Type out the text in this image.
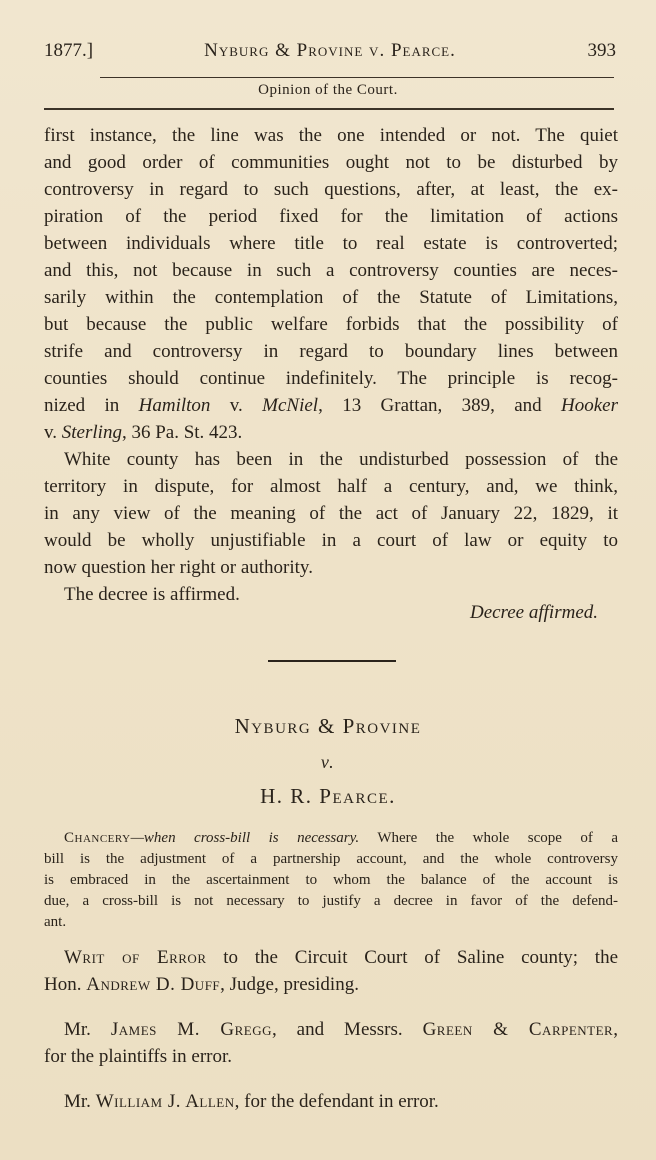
1877.]	Nyburg & Provine v. Pearce.	393
Opinion of the Court.
first instance, the line was the one intended or not. The quiet
and good order of communities ought not to be disturbed by
controversy in regard to such questions, after, at least, the ex-
piration of the period fixed for the limitation of actions
between individuals where title to real estate is controverted;
and this, not because in such a controversy counties are neces-
sarily within the contemplation of the Statute of Limitations,
but because the public welfare forbids that the possibility of
strife and controversy in regard to boundary lines between
counties should continue indefinitely. The principle is recog-
nized in Hamilton v. McNiel, 13 Grattan, 389, and Hooker
v. Sterling, 36 Pa. St. 423.
White county has been in the undisturbed possession of the
territory in dispute, for almost half a century, and, we think,
in any view of the meaning of the act of January 22, 1829, it
would be wholly unjustifiable in a court of law or equity to
now question her right or authority.
The decree is affirmed.
Decree affirmed.
Nyburg & Provine
v.
H. R. Pearce.
Chancery—when cross-bill is necessary. Where the whole scope of a
bill is the adjustment of a partnership account, and the whole controversy
is embraced in the ascertainment to whom the balance of the account is
due, a cross-bill is not necessary to justify a decree in favor of the defend-
ant.
Writ of Error to the Circuit Court of Saline county; the
Hon. Andrew D. Duff, Judge, presiding.
Mr. James M. Gregg, and Messrs. Green & Carpenter,
for the plaintiffs in error.
Mr. William J. Allen, for the defendant in error.
